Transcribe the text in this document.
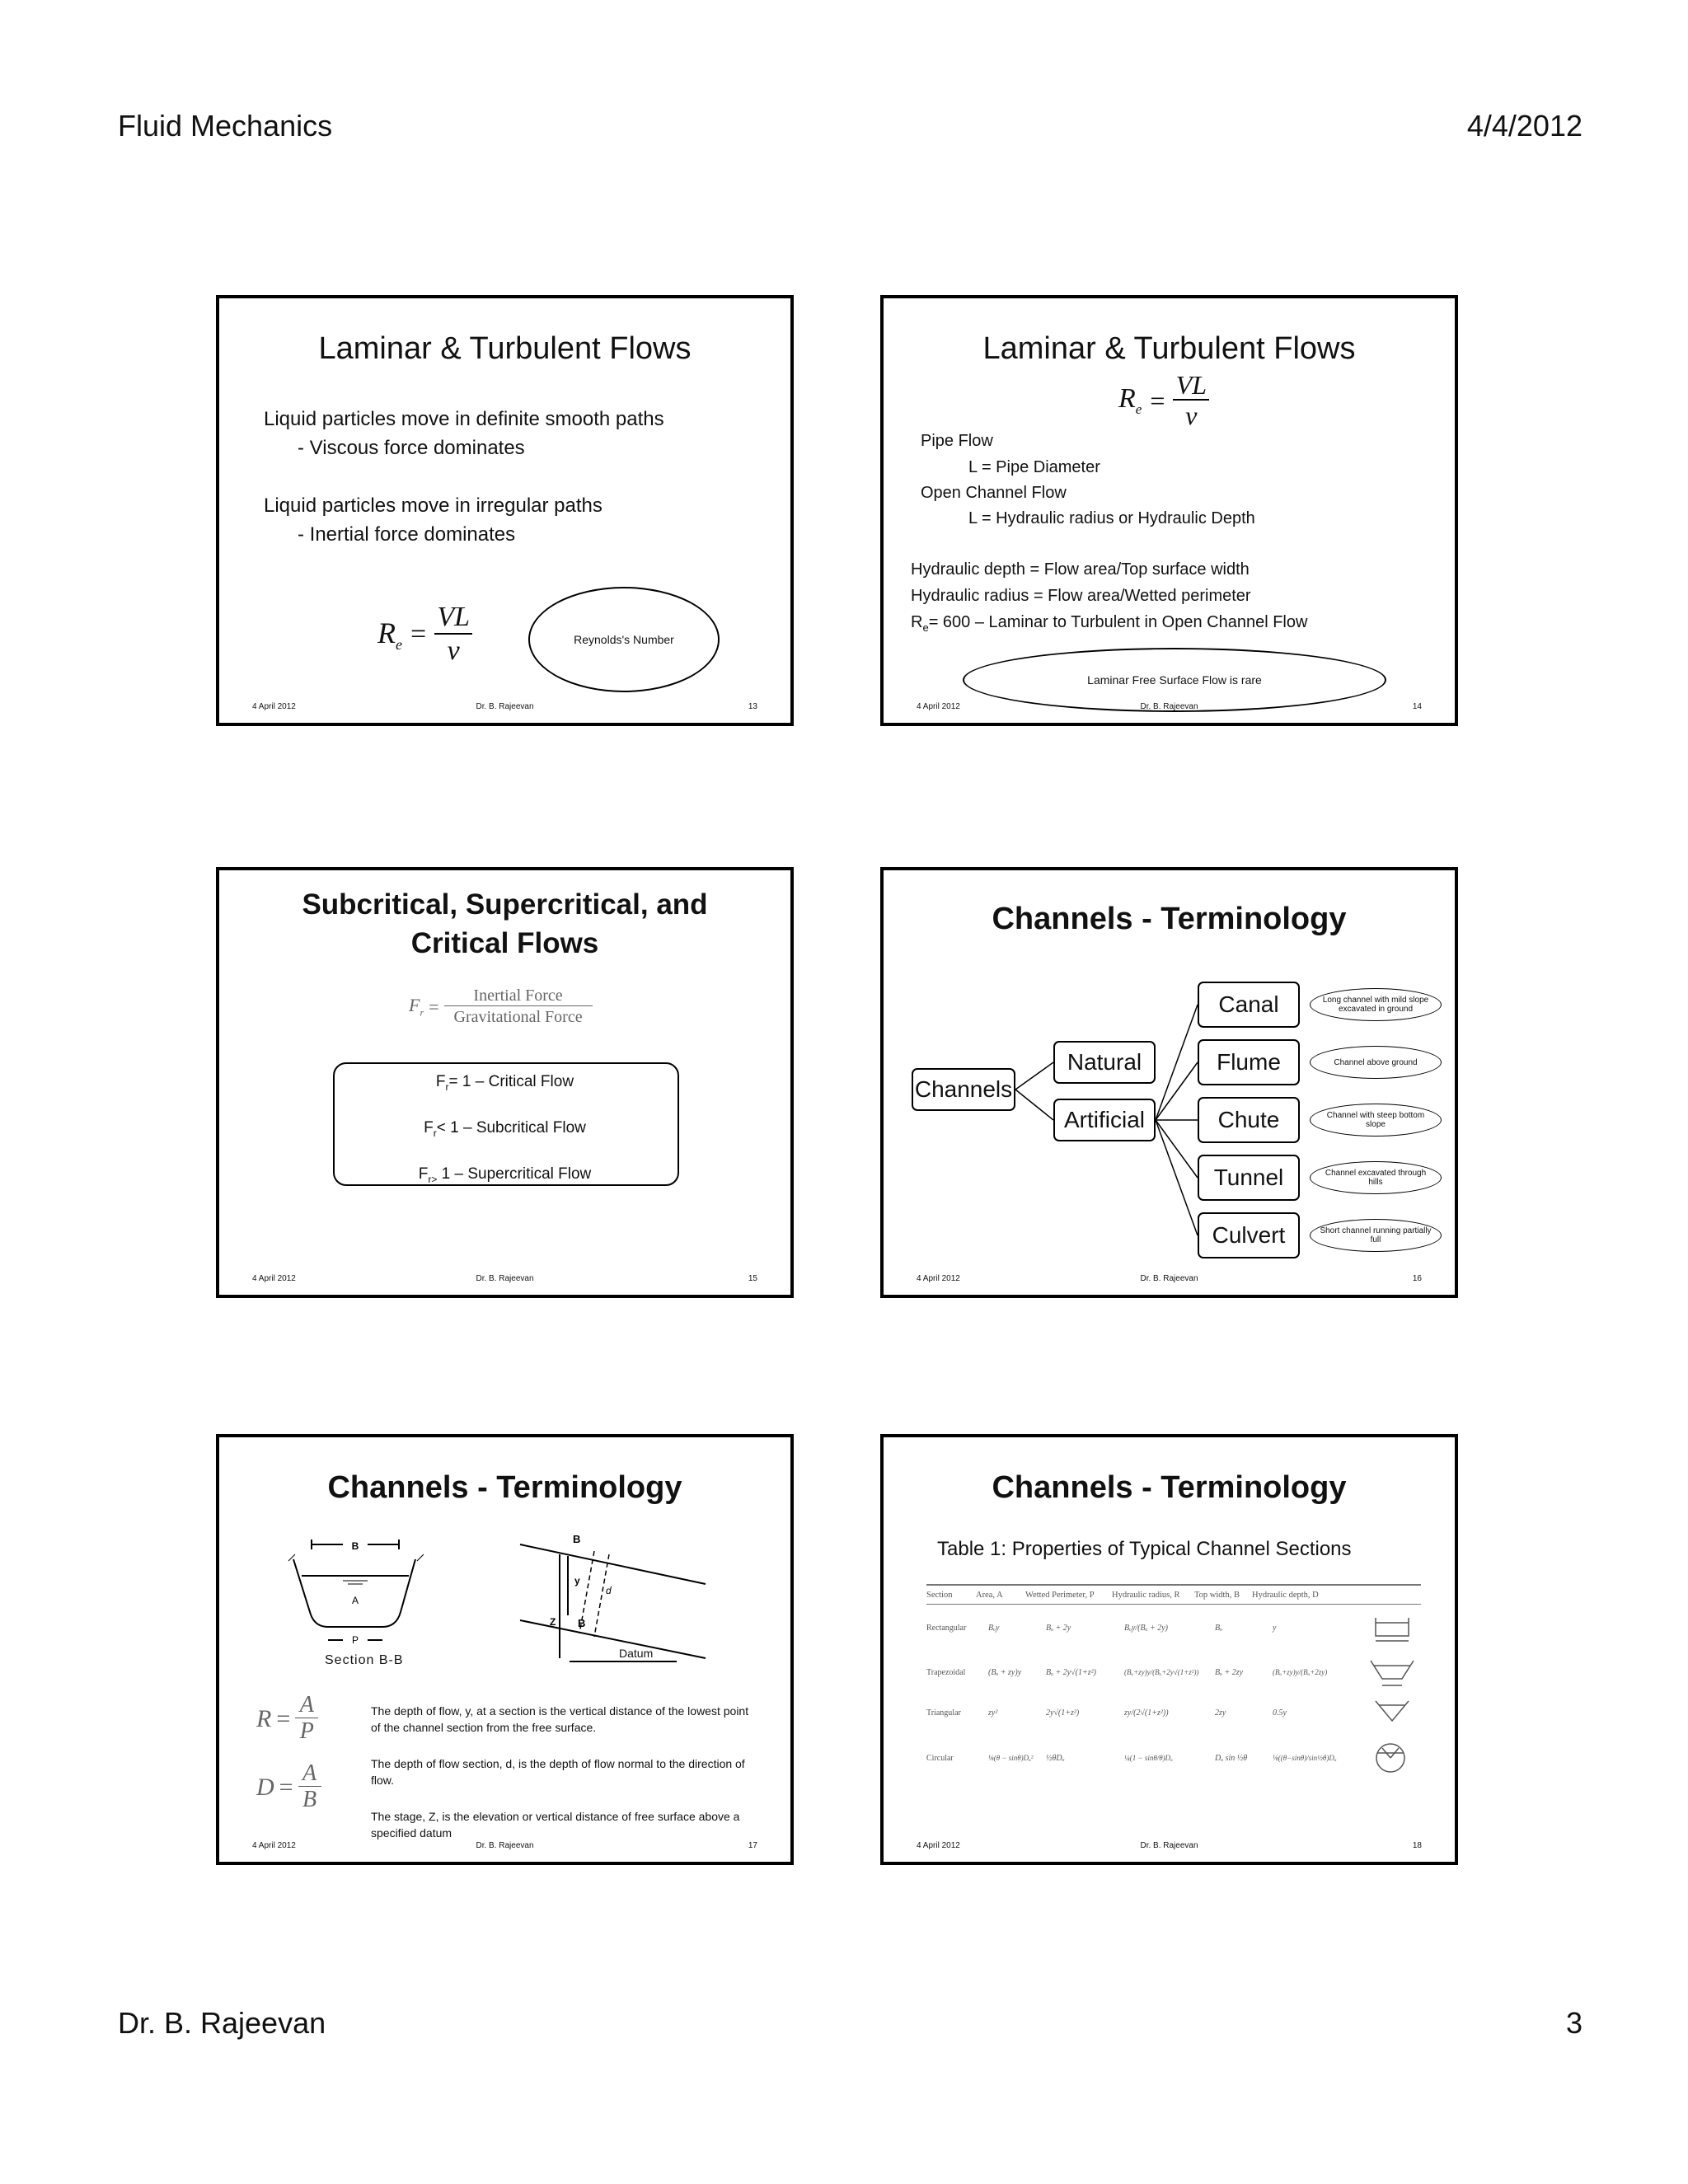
Fluid Mechanics	4/4/2012
Laminar & Turbulent Flows
Liquid particles move in definite smooth paths
- Viscous force dominates
Liquid particles move in irregular paths
- Inertial force dominates
$R_e$ =
VL
ν	Reynolds's Number
4 April 2012	Dr. B. Rajeevan	13
Laminar & Turbulent Flows
$R_e$ =
VL
ν
Pipe Flow
L = Pipe Diameter
Open Channel Flow
L = Hydraulic radius or Hydraulic Depth
Hydraulic depth = Flow area/Top surface width
Hydraulic radius = Flow area/Wetted perimeter
$R_e= 600$ – Laminar to Turbulent in Open Channel Flow
Laminar Free Surface Flow is rare
4 April 2012	Dr. B. Rajeevan	14
Subcritical, Supercritical, and Critical Flows
$F_r$ =
Inertial Force
Gravitational Force
$F_r= 1$ – Critical Flow
$F_r< 1$ – Subcritical Flow
$F_{r>}$ 1 – Supercritical Flow
4 April 2012	Dr. B. Rajeevan	15
Channels - Terminology
Channels
Natural
Artificial
Canal
Flume
Chute
Tunnel
Culvert
Long channel with mild slope excavated in ground
Channel above ground
Channel with steep bottom slope
Channel excavated through hills
Short channel running partially full
4 April 2012	Dr. B. Rajeevan	16
Channels - Terminology
B
A
P
Section B-B
B
y
d
Z B
Datum
R = A
P
D = A
B
The depth of flow, y, at a section is the vertical distance of the lowest point of the channel section from the free surface.
The depth of flow section, d, is the depth of flow normal to the direction of flow.
The stage, Z, is the elevation or vertical distance of free surface above a specified datum
4 April 2012	Dr. B. Rajeevan	17
Channels - Terminology
Table 1: Properties of Typical Channel Sections
Section	Area, A	Wetted Perimeter, P	Hydraulic radius, R	Top width, B	Hydraulic depth, D
Rectangular	Bₒy	Bₒ + 2y	Bₒy/(Bₒ + 2y)	Bₒ	y
Trapezoidal	(Bₒ + zy)y	Bₒ + 2y√(1+z²)	(Bₒ+zy)y/(Bₒ+2y√(1+z²))	Bₒ + 2zy	(Bₒ+zy)y/(Bₒ+2zy)
Triangular	zy²	2y√(1+z²)	zy/(2√(1+z²))	2zy	0.5y
Circular	⅛(θ − sinθ)Dₒ²	½θDₒ	¼(1 − sinθ/θ)Dₒ	Dₒ sin ½θ	⅛((θ−sinθ)/sin½θ)Dₒ
4 April 2012	Dr. B. Rajeevan	18
Dr. B. Rajeevan	3
